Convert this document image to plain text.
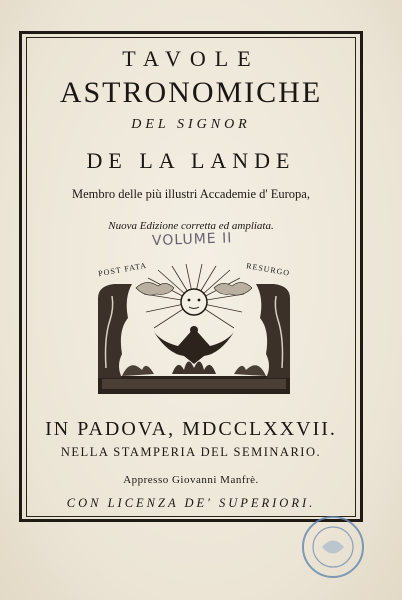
TAVOLE
ASTRONOMICHE
DEL SIGNOR
DE LA LANDE
Membro delle più illustri Accademie d' Europa,
Nuova Edizione corretta ed ampliata.
VOLUME II
POST FATA	RESURGO
IN PADOVA, MDCCLXXVII.
NELLA STAMPERIA DEL SEMINARIO.
Appresso Giovanni Manfrè.
CON LICENZA DE' SUPERIORI.
